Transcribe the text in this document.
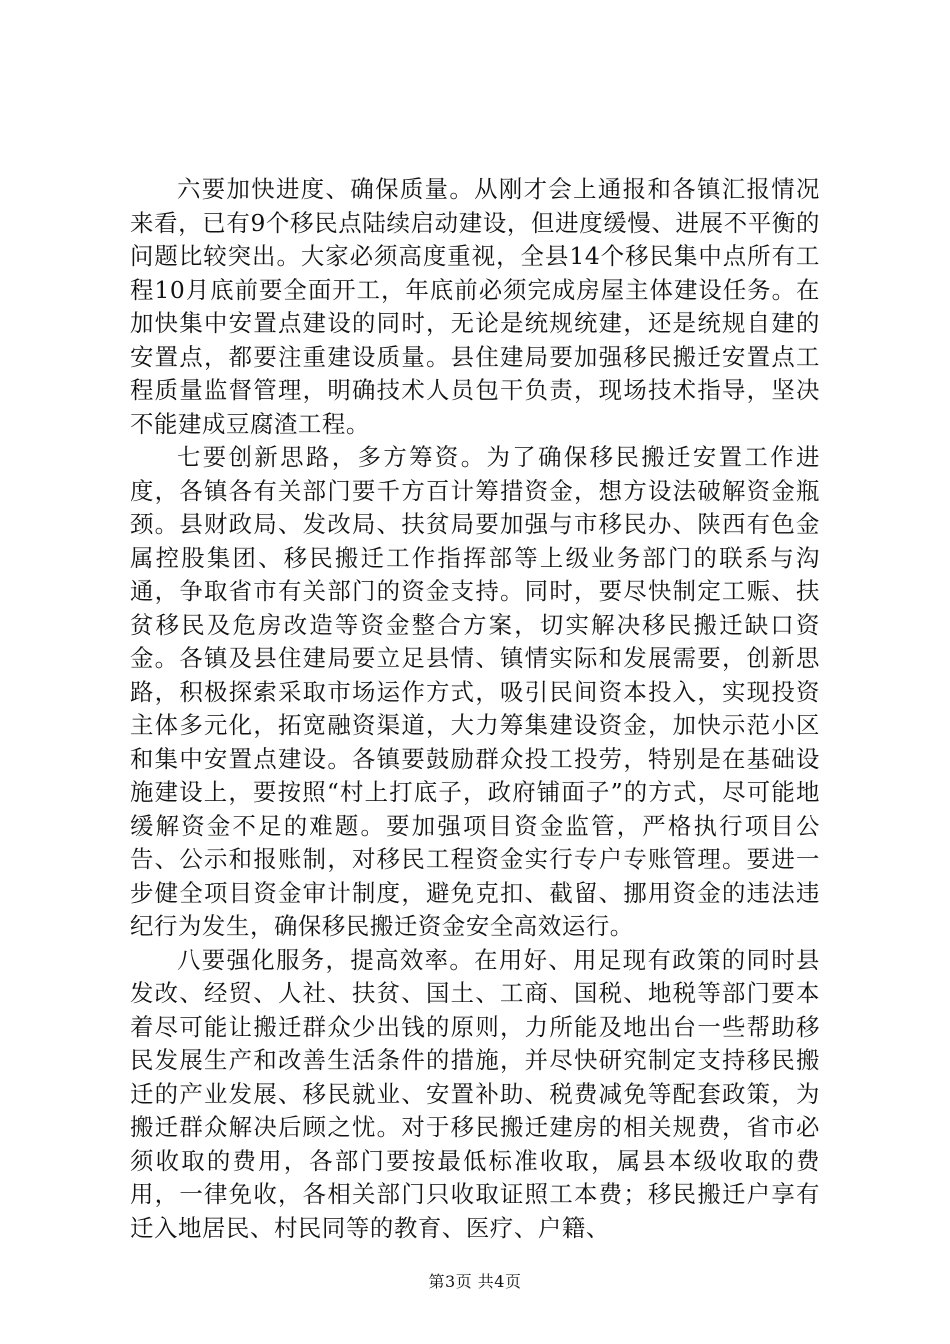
六要加快进度、确保质量。从刚才会上通报和各镇汇报情况来看，已有9个移民点陆续启动建设，但进度缓慢、进展不平衡的问题比较突出。大家必须高度重视，全县14个移民集中点所有工程10月底前要全面开工，年底前必须完成房屋主体建设任务。在加快集中安置点建设的同时，无论是统规统建，还是统规自建的安置点，都要注重建设质量。县住建局要加强移民搬迁安置点工程质量监督管理，明确技术人员包干负责，现场技术指导，坚决不能建成豆腐渣工程。

七要创新思路，多方筹资。为了确保移民搬迁安置工作进度，各镇各有关部门要千方百计筹措资金，想方设法破解资金瓶颈。县财政局、发改局、扶贫局要加强与市移民办、陕西有色金属控股集团、移民搬迁工作指挥部等上级业务部门的联系与沟通，争取省市有关部门的资金支持。同时，要尽快制定工赈、扶贫移民及危房改造等资金整合方案，切实解决移民搬迁缺口资金。各镇及县住建局要立足县情、镇情实际和发展需要，创新思路，积极探索采取市场运作方式，吸引民间资本投入，实现投资主体多元化，拓宽融资渠道，大力筹集建设资金，加快示范小区和集中安置点建设。各镇要鼓励群众投工投劳，特别是在基础设施建设上，要按照“村上打底子，政府铺面子”的方式，尽可能地缓解资金不足的难题。要加强项目资金监管，严格执行项目公告、公示和报账制，对移民工程资金实行专户专账管理。要进一步健全项目资金审计制度，避免克扣、截留、挪用资金的违法违纪行为发生，确保移民搬迁资金安全高效运行。

八要强化服务，提高效率。在用好、用足现有政策的同时县发改、经贸、人社、扶贫、国土、工商、国税、地税等部门要本着尽可能让搬迁群众少出钱的原则，力所能及地出台一些帮助移民发展生产和改善生活条件的措施，并尽快研究制定支持移民搬迁的产业发展、移民就业、安置补助、税费减免等配套政策，为搬迁群众解决后顾之忧。对于移民搬迁建房的相关规费，省市必须收取的费用，各部门要按最低标准收取，属县本级收取的费用，一律免收，各相关部门只收取证照工本费；移民搬迁户享有迁入地居民、村民同等的教育、医疗、户籍、

第3页 共4页
